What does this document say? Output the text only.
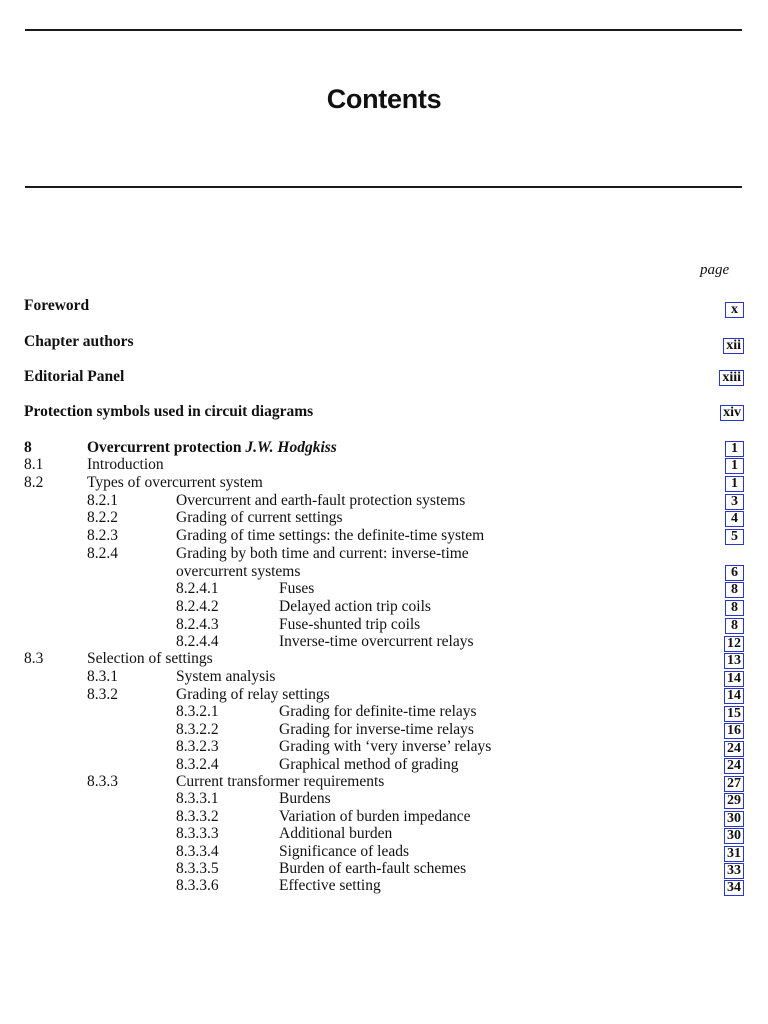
Contents
page
Foreword	x
Chapter authors	xii
Editorial Panel	xiii
Protection symbols used in circuit diagrams	xiv
8	Overcurrent protection J.W. Hodgkiss	1
8.1	Introduction	1
8.2	Types of overcurrent system	1
8.2.1	Overcurrent and earth-fault protection systems	3
8.2.2	Grading of current settings	4
8.2.3	Grading of time settings: the definite-time system	5
8.2.4	Grading by both time and current: inverse-time
overcurrent systems	6
8.2.4.1	Fuses	8
8.2.4.2	Delayed action trip coils	8
8.2.4.3	Fuse-shunted trip coils	8
8.2.4.4	Inverse-time overcurrent relays	12
8.3	Selection of settings	13
8.3.1	System analysis	14
8.3.2	Grading of relay settings	14
8.3.2.1	Grading for definite-time relays	15
8.3.2.2	Grading for inverse-time relays	16
8.3.2.3	Grading with ‘very inverse’ relays	24
8.3.2.4	Graphical method of grading	24
8.3.3	Current transformer requirements	27
8.3.3.1	Burdens	29
8.3.3.2	Variation of burden impedance	30
8.3.3.3	Additional burden	30
8.3.3.4	Significance of leads	31
8.3.3.5	Burden of earth-fault schemes	33
8.3.3.6	Effective setting	34
